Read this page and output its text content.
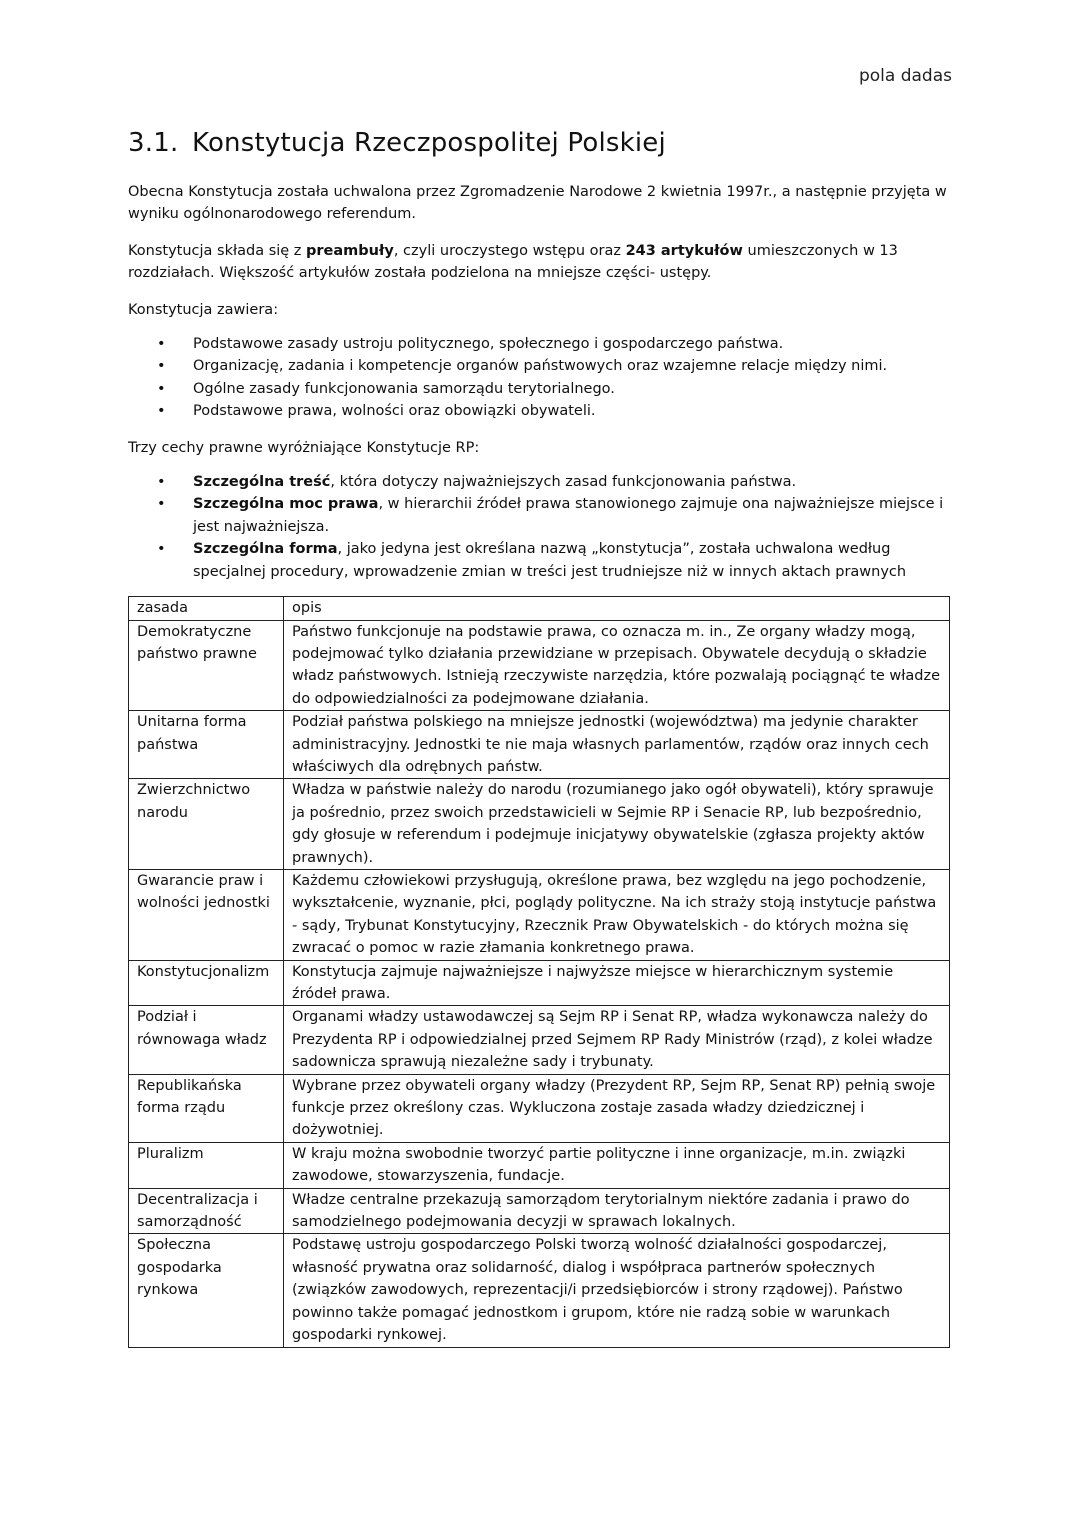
pola dadas
3.1. Konstytucja Rzeczpospolitej Polskiej

Obecna Konstytucja została uchwalona przez Zgromadzenie Narodowe 2 kwietnia 1997r., a następnie przyjęta w wyniku ogólnonarodowego referendum.

Konstytucja składa się z preambuły, czyli uroczystego wstępu oraz 243 artykułów umieszczonych w 13 rozdziałach. Większość artykułów została podzielona na mniejsze części- ustępy.

Konstytucja zawiera:

• Podstawowe zasady ustroju politycznego, społecznego i gospodarczego państwa.
• Organizację, zadania i kompetencje organów państwowych oraz wzajemne relacje między nimi.
• Ogólne zasady funkcjonowania samorządu terytorialnego.
• Podstawowe prawa, wolności oraz obowiązki obywateli.

Trzy cechy prawne wyróżniające Konstytucje RP:

• Szczególna treść, która dotyczy najważniejszych zasad funkcjonowania państwa.
• Szczególna moc prawa, w hierarchii źródeł prawa stanowionego zajmuje ona najważniejsze miejsce i jest najważniejsza.
• Szczególna forma, jako jedyna jest określana nazwą „konstytucja”, została uchwalona według specjalnej procedury, wprowadzenie zmian w treści jest trudniejsze niż w innych aktach prawnych
zasada	opis
Demokratyczne państwo prawne	Państwo funkcjonuje na podstawie prawa, co oznacza m. in., Ze organy władzy mogą, podejmować tylko działania przewidziane w przepisach. Obywatele decydują o składzie władz państwowych. Istnieją rzeczywiste narzędzia, które pozwalają pociągnąć te władze do odpowiedzialności za podejmowane działania.
Unitarna forma państwa	Podział państwa polskiego na mniejsze jednostki (województwa) ma jedynie charakter administracyjny. Jednostki te nie maja własnych parlamentów, rządów oraz innych cech właściwych dla odrębnych państw.
Zwierzchnictwo narodu	Władza w państwie należy do narodu (rozumianego jako ogół obywateli), który sprawuje ja pośrednio, przez swoich przedstawicieli w Sejmie RP i Senacie RP, lub bezpośrednio, gdy głosuje w referendum i podejmuje inicjatywy obywatelskie (zgłasza projekty aktów prawnych).
Gwarancie praw i wolności jednostki	Każdemu człowiekowi przysługują, określone prawa, bez względu na jego pochodzenie, wykształcenie, wyznanie, płci, poglądy polityczne. Na ich straży stoją instytucje państwa - sądy, Trybunat Konstytucyjny, Rzecznik Praw Obywatelskich - do których można się zwracać o pomoc w razie złamania konkretnego prawa.
Konstytucjonalizm	Konstytucja zajmuje najważniejsze i najwyższe miejsce w hierarchicznym systemie źródeł prawa.
Podział i równowaga władz	Organami władzy ustawodawczej są Sejm RP i Senat RP, władza wykonawcza należy do Prezydenta RP i odpowiedzialnej przed Sejmem RP Rady Ministrów (rząd), z kolei władze sadownicza sprawują niezależne sady i trybunaty.
Republikańska forma rządu	Wybrane przez obywateli organy władzy (Prezydent RP, Sejm RP, Senat RP) pełnią swoje funkcje przez określony czas. Wykluczona zostaje zasada władzy dziedzicznej i dożywotniej.
Pluralizm	W kraju można swobodnie tworzyć partie polityczne i inne organizacje, m.in. związki zawodowe, stowarzyszenia, fundacje.
Decentralizacja i samorządność	Władze centralne przekazują samorządom terytorialnym niektóre zadania i prawo do samodzielnego podejmowania decyzji w sprawach lokalnych.
Społeczna gospodarka rynkowa	Podstawę ustroju gospodarczego Polski tworzą wolność działalności gospodarczej, własność prywatna oraz solidarność, dialog i współpraca partnerów społecznych (związków zawodowych, reprezentacji/i przedsiębiorców i strony rządowej). Państwo powinno także pomagać jednostkom i grupom, które nie radzą sobie w warunkach gospodarki rynkowej.
